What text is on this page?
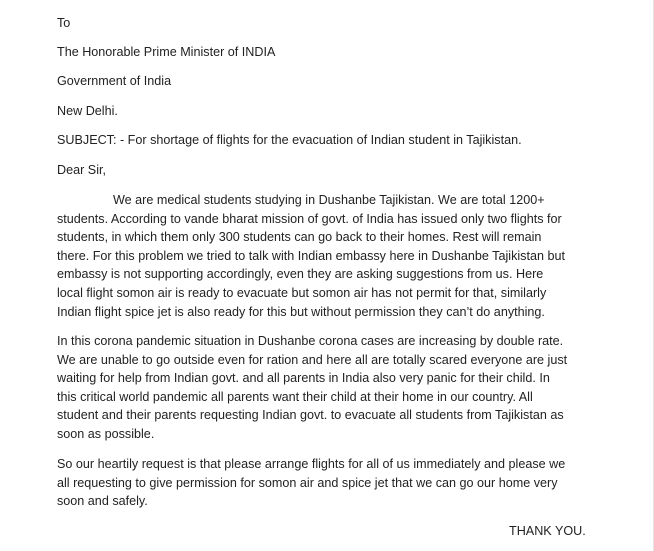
To
The Honorable Prime Minister of INDIA
Government of India
New Delhi.
SUBJECT: - For shortage of flights for the evacuation of Indian student in Tajikistan.
Dear Sir,
We are medical students studying in Dushanbe Tajikistan. We are total 1200+
students. According to vande bharat mission of govt. of India has issued only two flights for
students, in which them only 300 students can go back to their homes. Rest will remain
there. For this problem we tried to talk with Indian embassy here in Dushanbe Tajikistan but
embassy is not supporting accordingly, even they are asking suggestions from us. Here
local flight somon air is ready to evacuate but somon air has not permit for that, similarly
Indian flight spice jet is also ready for this but without permission they can’t do anything.
In this corona pandemic situation in Dushanbe corona cases are increasing by double rate.
We are unable to go outside even for ration and here all are totally scared everyone are just
waiting for help from Indian govt. and all parents in India also very panic for their child. In
this critical world pandemic all parents want their child at their home in our country. All
student and their parents requesting Indian govt. to evacuate all students from Tajikistan as
soon as possible.
So our heartily request is that please arrange flights for all of us immediately and please we
all requesting to give permission for somon air and spice jet that we can go our home very
soon and safely.
THANK YOU.
